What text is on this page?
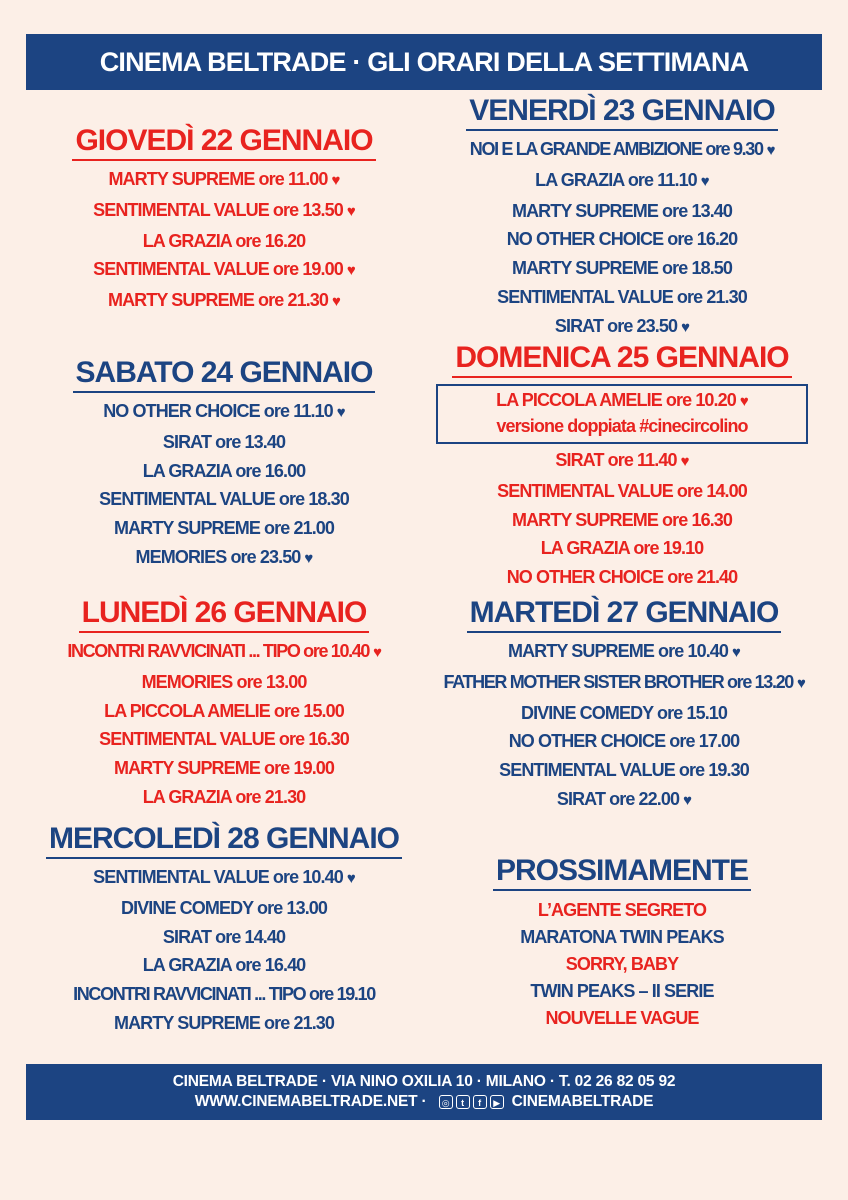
CINEMA BELTRADE · GLI ORARI DELLA SETTIMANA
GIOVEDÌ 22 GENNAIO
MARTY SUPREME ore 11.00 ♥
SENTIMENTAL VALUE ore 13.50 ♥
LA GRAZIA ore 16.20
SENTIMENTAL VALUE ore 19.00 ♥
MARTY SUPREME ore 21.30 ♥
VENERDÌ 23 GENNAIO
NOI E LA GRANDE AMBIZIONE ore 9.30 ♥
LA GRAZIA ore 11.10 ♥
MARTY SUPREME ore 13.40
NO OTHER CHOICE ore 16.20
MARTY SUPREME ore 18.50
SENTIMENTAL VALUE ore 21.30
SIRAT ore 23.50 ♥
SABATO 24 GENNAIO
NO OTHER CHOICE ore 11.10 ♥
SIRAT ore 13.40
LA GRAZIA ore 16.00
SENTIMENTAL VALUE ore 18.30
MARTY SUPREME ore 21.00
MEMORIES ore 23.50 ♥
DOMENICA 25 GENNAIO
LA PICCOLA AMELIE ore 10.20 ♥
versione doppiata #cinecircolino
SIRAT ore 11.40 ♥
SENTIMENTAL VALUE ore 14.00
MARTY SUPREME ore 16.30
LA GRAZIA ore 19.10
NO OTHER CHOICE ore 21.40
LUNEDÌ 26 GENNAIO
INCONTRI RAVVICINATI ... TIPO ore 10.40 ♥
MEMORIES ore 13.00
LA PICCOLA AMELIE ore 15.00
SENTIMENTAL VALUE ore 16.30
MARTY SUPREME ore 19.00
LA GRAZIA ore 21.30
MARTEDÌ 27 GENNAIO
MARTY SUPREME ore 10.40 ♥
FATHER MOTHER SISTER BROTHER ore 13.20 ♥
DIVINE COMEDY ore 15.10
NO OTHER CHOICE ore 17.00
SENTIMENTAL VALUE ore 19.30
SIRAT ore 22.00 ♥
MERCOLEDÌ 28 GENNAIO
SENTIMENTAL VALUE ore 10.40 ♥
DIVINE COMEDY ore 13.00
SIRAT ore 14.40
LA GRAZIA ore 16.40
INCONTRI RAVVICINATI ... TIPO ore 19.10
MARTY SUPREME ore 21.30
PROSSIMAMENTE
L’AGENTE SEGRETO
MARATONA TWIN PEAKS
SORRY, BABY
TWIN PEAKS – II SERIE
NOUVELLE VAGUE
CINEMA BELTRADE · VIA NINO OXILIA 10 · MILANO · T. 02 26 82 05 92
WWW.CINEMABELTRADE.NET ·	◎	t	f	▶ CINEMABELTRADE
